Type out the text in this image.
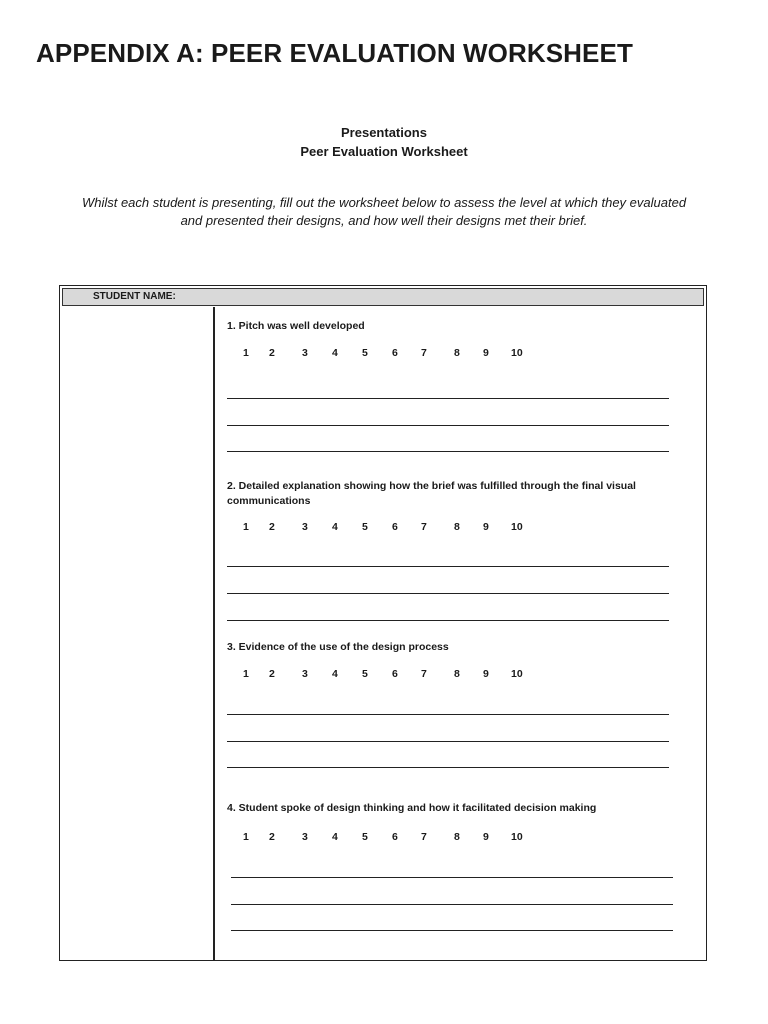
APPENDIX A: PEER EVALUATION WORKSHEET
Presentations
Peer Evaluation Worksheet
Whilst each student is presenting, fill out the worksheet below to assess the level at which they evaluated and presented their designs, and how well their designs met their brief.
STUDENT NAME:
1. Pitch was well developed
1 2	3 4 5 6 7	8 9 10
2. Detailed explanation showing how the brief was fulfilled through the final visual communications
1 2	3 4 5 6 7	8 9 10
3. Evidence of the use of the design process
1 2	3 4 5 6 7	8 9 10
4. Student spoke of design thinking and how it facilitated decision making
1 2	3 4 5 6 7	8 9 10
